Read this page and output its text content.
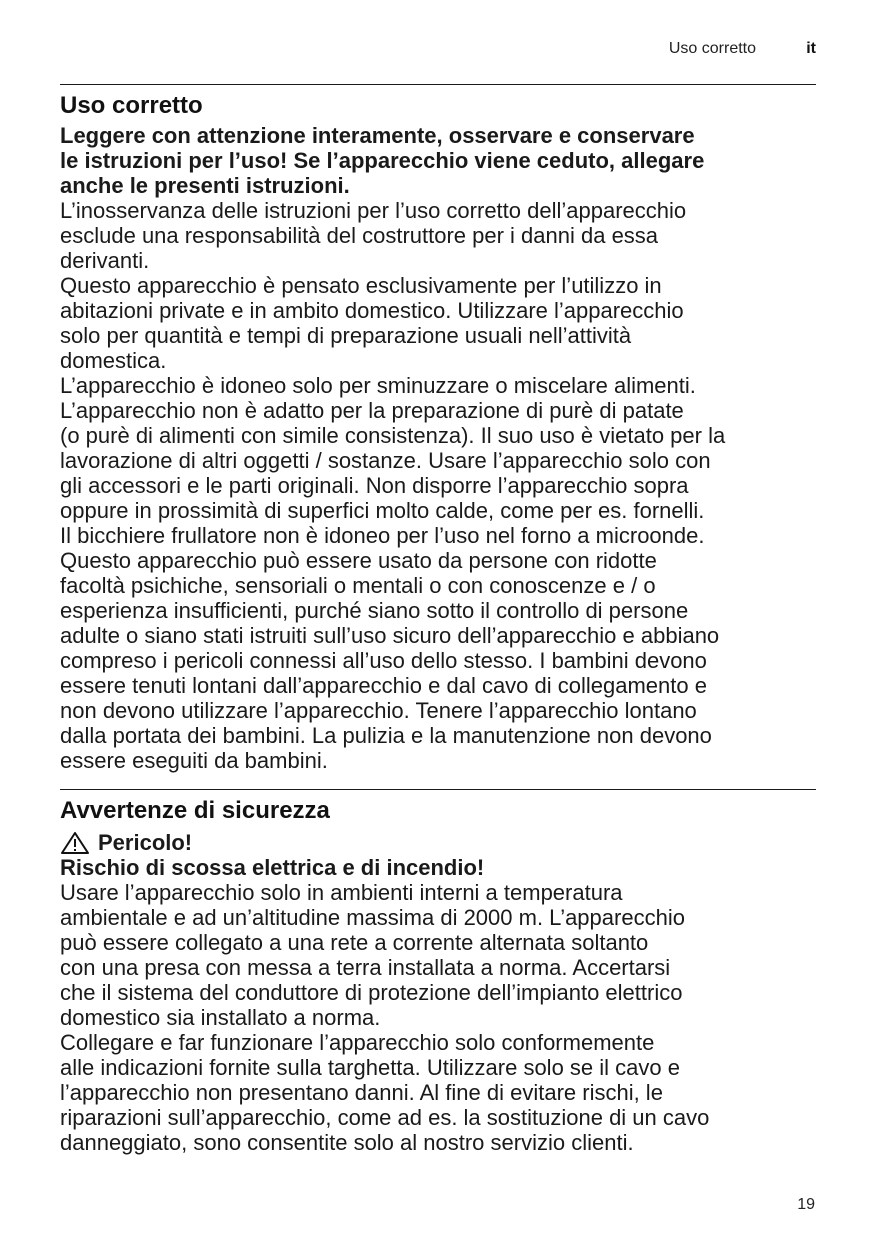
Uso corretto	it
Uso corretto
Leggere con attenzione interamente, osservare e conservare
le istruzioni per l’uso! Se l’apparecchio viene ceduto, allegare
anche le presenti istruzioni.
L’inosservanza delle istruzioni per l’uso corretto dell’apparecchio
esclude una responsabilità del costruttore per i danni da essa
derivanti.
Questo apparecchio è pensato esclusivamente per l’utilizzo in
abitazioni private e in ambito domestico. Utilizzare l’apparecchio
solo per quantità e tempi di preparazione usuali nell’attività
domestica.
L’apparecchio è idoneo solo per sminuzzare o miscelare alimenti.
L’apparecchio non è adatto per la preparazione di purè di patate
(o purè di alimenti con simile consistenza). Il suo uso è vietato per la
lavorazione di altri oggetti / sostanze. Usare l’apparecchio solo con
gli accessori e le parti originali. Non disporre l’apparecchio sopra
oppure in prossimità di superfici molto calde, come per es. fornelli.
Il bicchiere frullatore non è idoneo per l’uso nel forno a microonde.
Questo apparecchio può essere usato da persone con ridotte
facoltà psichiche, sensoriali o mentali o con conoscenze e / o
esperienza insufficienti, purché siano sotto il controllo di persone
adulte o siano stati istruiti sull’uso sicuro dell’apparecchio e abbiano
compreso i pericoli connessi all’uso dello stesso. I bambini devono
essere tenuti lontani dall’apparecchio e dal cavo di collegamento e
non devono utilizzare l’apparecchio. Tenere l’apparecchio lontano
dalla portata dei bambini. La pulizia e la manutenzione non devono
essere eseguiti da bambini.
Avvertenze di sicurezza
Pericolo!
Rischio di scossa elettrica e di incendio!
Usare l’apparecchio solo in ambienti interni a temperatura
ambientale e ad un’altitudine massima di 2000 m. L’apparecchio
può essere collegato a una rete a corrente alternata soltanto
con una presa con messa a terra installata a norma. Accertarsi
che il sistema del conduttore di protezione dell’impianto elettrico
domestico sia installato a norma.
Collegare e far funzionare l’apparecchio solo conformemente
alle indicazioni fornite sulla targhetta. Utilizzare solo se il cavo e
l’apparecchio non presentano danni. Al fine di evitare rischi, le
riparazioni sull’apparecchio, come ad es. la sostituzione di un cavo
danneggiato, sono consentite solo al nostro servizio clienti.
19
